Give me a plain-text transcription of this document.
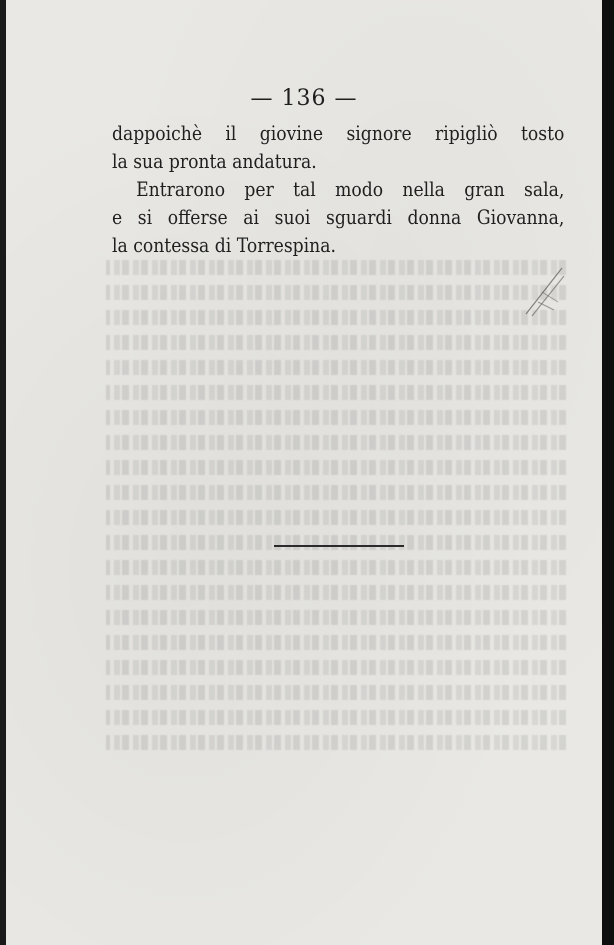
— 136 —
dappoichè il giovine signore ripigliò tosto
la sua pronta andatura.
Entrarono per tal modo nella gran sala,
e si offerse ai suoi sguardi donna Giovanna,
la contessa di Torrespina.
